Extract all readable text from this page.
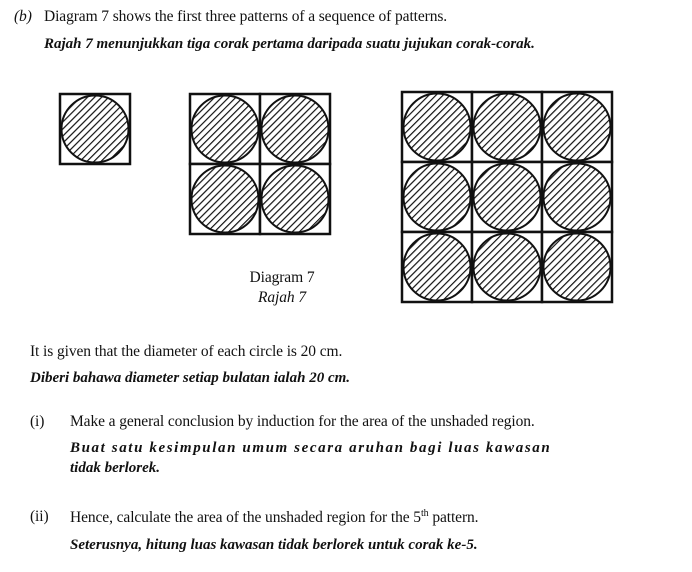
(b) Diagram 7 shows the first three patterns of a sequence of patterns.
Rajah 7 menunjukkan tiga corak pertama daripada suatu jujukan corak-corak.
Diagram 7
Rajah 7
It is given that the diameter of each circle is 20 cm.
Diberi bahawa diameter setiap bulatan ialah 20 cm.
(i) Make a general conclusion by induction for the area of the unshaded region.
Buat satu kesimpulan umum secara aruhan bagi luas kawasan
tidak berlorek.
(ii) Hence, calculate the area of the unshaded region for the 5th pattern.
Seterusnya, hitung luas kawasan tidak berlorek untuk corak ke-5.
